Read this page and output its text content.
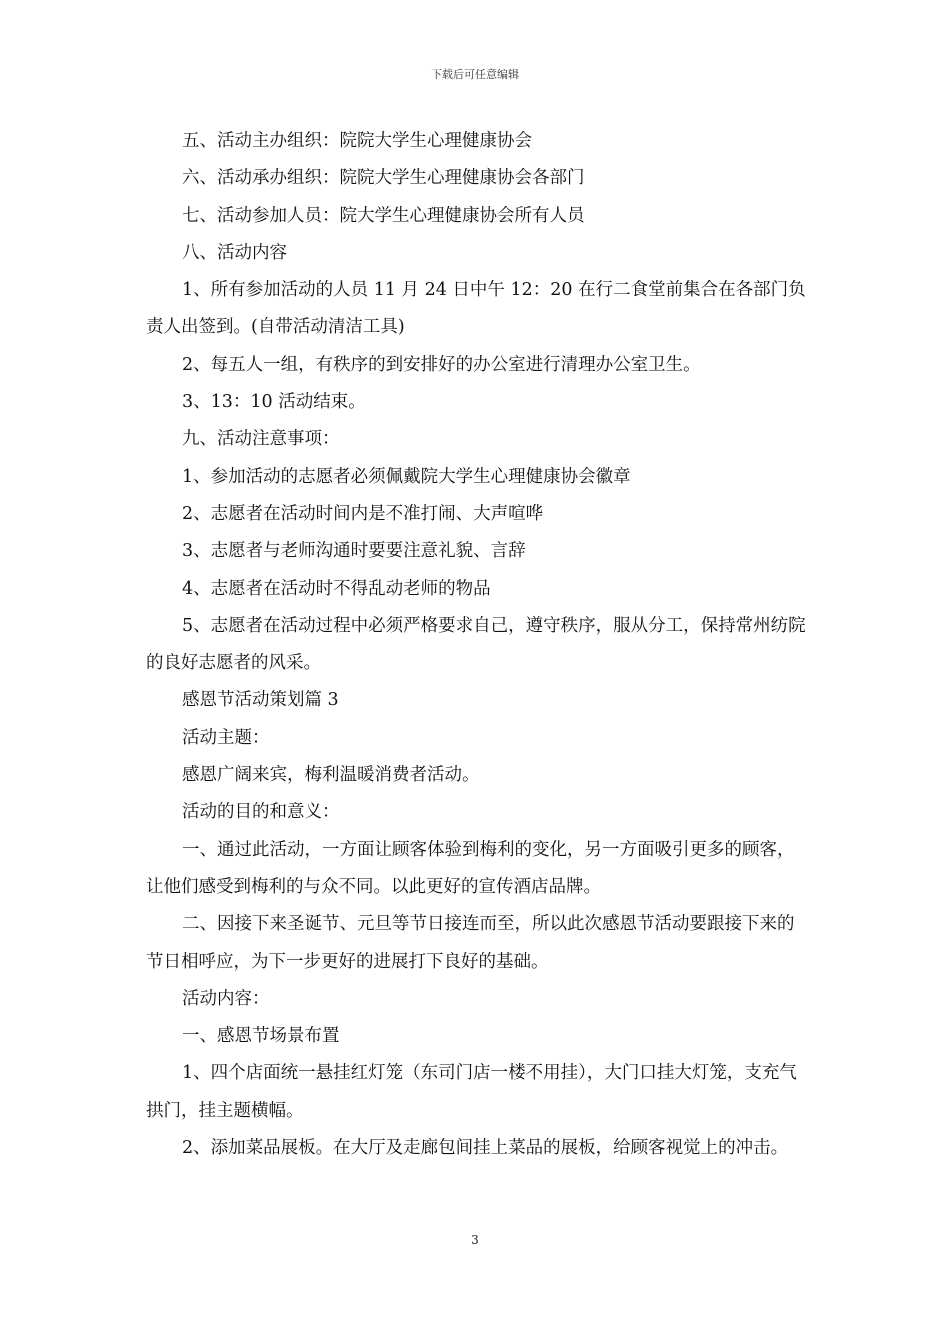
下载后可任意编辑

五、活动主办组织：院院大学生心理健康协会

六、活动承办组织：院院大学生心理健康协会各部门

七、活动参加人员：院大学生心理健康协会所有人员

八、活动内容

1、所有参加活动的人员 11 月 24 日中午 12：20 在行二食堂前集合在各部门负责人出签到。(自带活动清洁工具)

2、每五人一组，有秩序的到安排好的办公室进行清理办公室卫生。

3、13：10 活动结束。

九、活动注意事项：

1、参加活动的志愿者必须佩戴院大学生心理健康协会徽章

2、志愿者在活动时间内是不准打闹、大声喧哗

3、志愿者与老师沟通时要要注意礼貌、言辞

4、志愿者在活动时不得乱动老师的物品

5、志愿者在活动过程中必须严格要求自己，遵守秩序，服从分工，保持常州纺院的良好志愿者的风采。

感恩节活动策划篇 3

活动主题：

感恩广阔来宾，梅利温暖消费者活动。

活动的目的和意义：

一、通过此活动，一方面让顾客体验到梅利的变化，另一方面吸引更多的顾客，让他们感受到梅利的与众不同。以此更好的宣传酒店品牌。

二、因接下来圣诞节、元旦等节日接连而至，所以此次感恩节活动要跟接下来的节日相呼应，为下一步更好的进展打下良好的基础。

活动内容：

一、感恩节场景布置

1、四个店面统一悬挂红灯笼（东司门店一楼不用挂），大门口挂大灯笼，支充气拱门，挂主题横幅。

2、添加菜品展板。在大厅及走廊包间挂上菜品的展板，给顾客视觉上的冲击。

3
